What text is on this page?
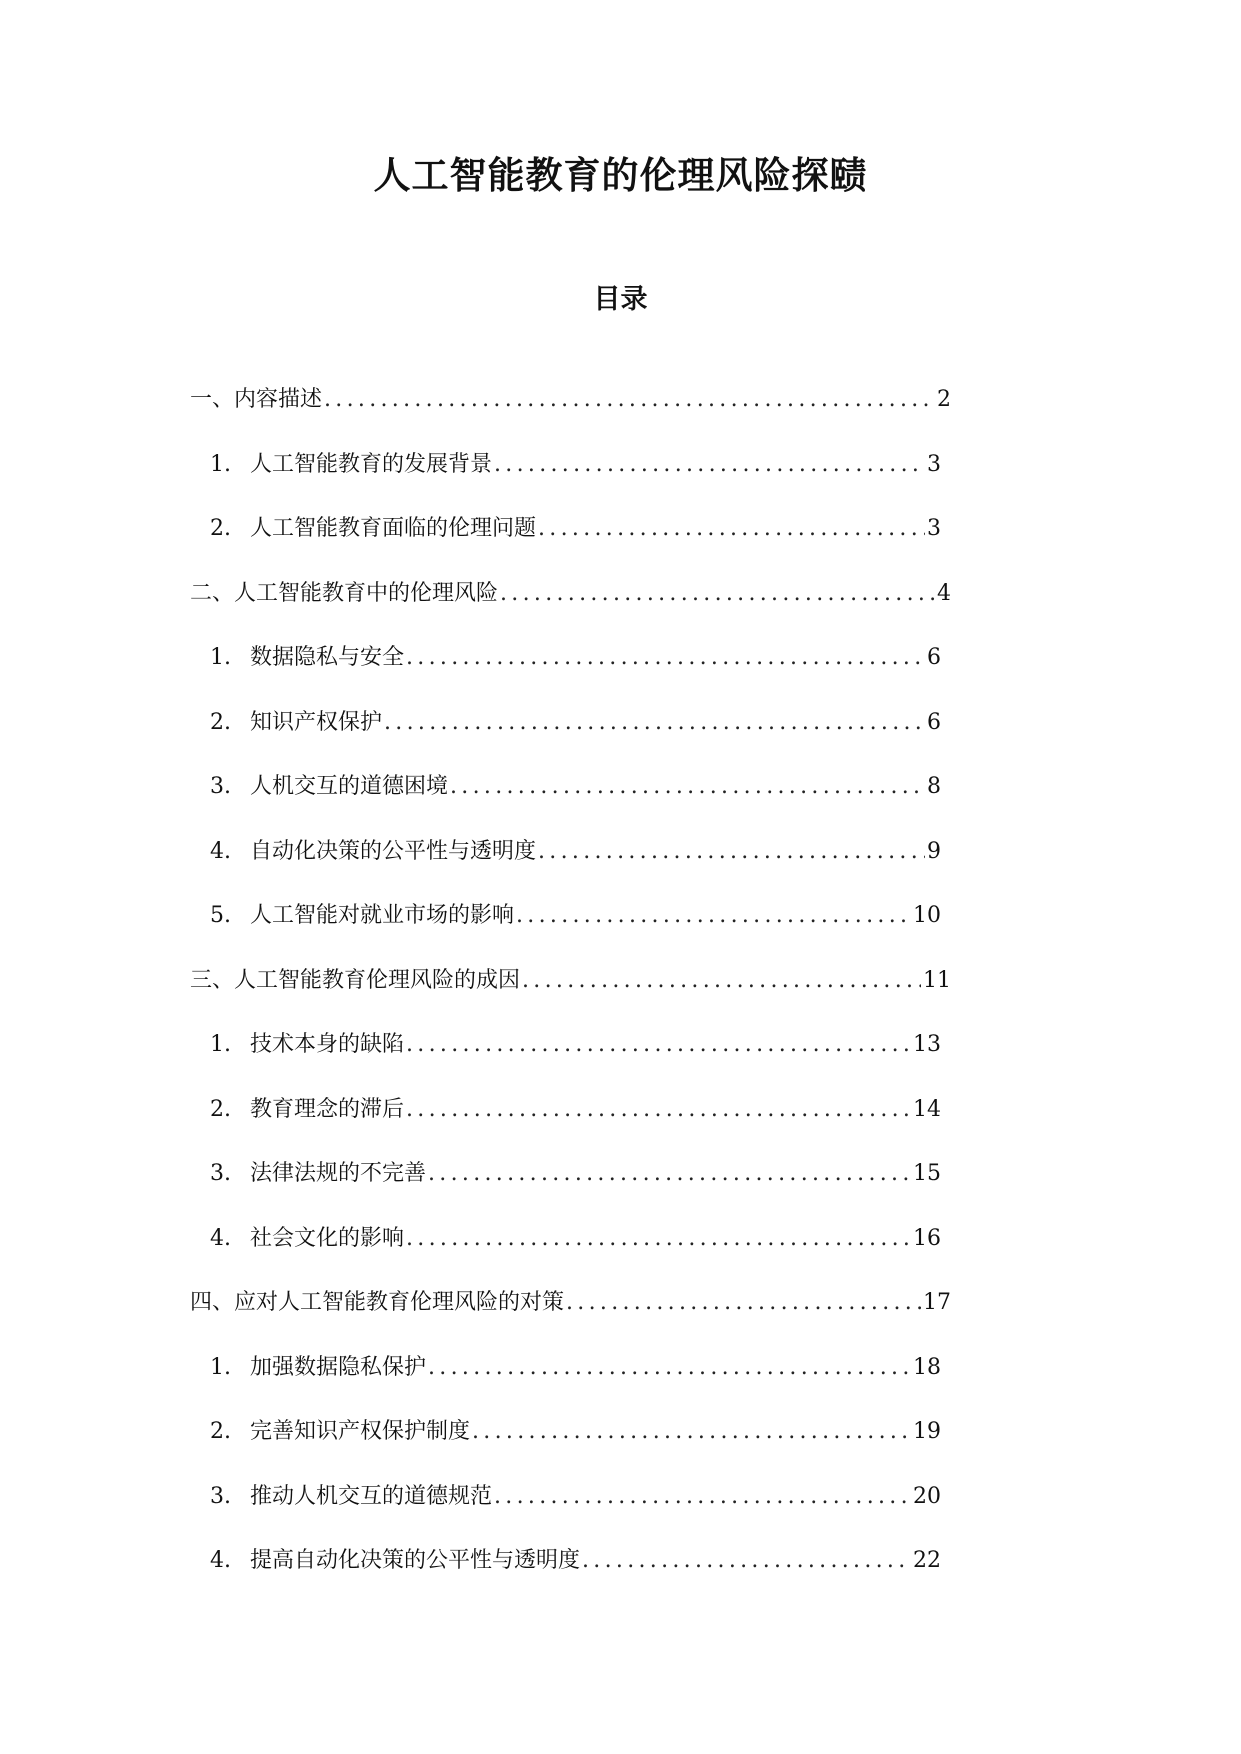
人工智能教育的伦理风险探赜
目录
一、内容描述 .....	2
1. 人工智能教育的发展背景 .....	3
2. 人工智能教育面临的伦理问题 .....	3
二、人工智能教育中的伦理风险 .....	4
1. 数据隐私与安全 .....	6
2. 知识产权保护 .....	6
3. 人机交互的道德困境 .....	8
4. 自动化决策的公平性与透明度 .....	9
5. 人工智能对就业市场的影响 .....	10
三、人工智能教育伦理风险的成因 .....	11
1. 技术本身的缺陷 .....	13
2. 教育理念的滞后 .....	14
3. 法律法规的不完善 .....	15
4. 社会文化的影响 .....	16
四、应对人工智能教育伦理风险的对策 .....	17
1. 加强数据隐私保护 .....	18
2. 完善知识产权保护制度 .....	19
3. 推动人机交互的道德规范 .....	20
4. 提高自动化决策的公平性与透明度 .....	22
